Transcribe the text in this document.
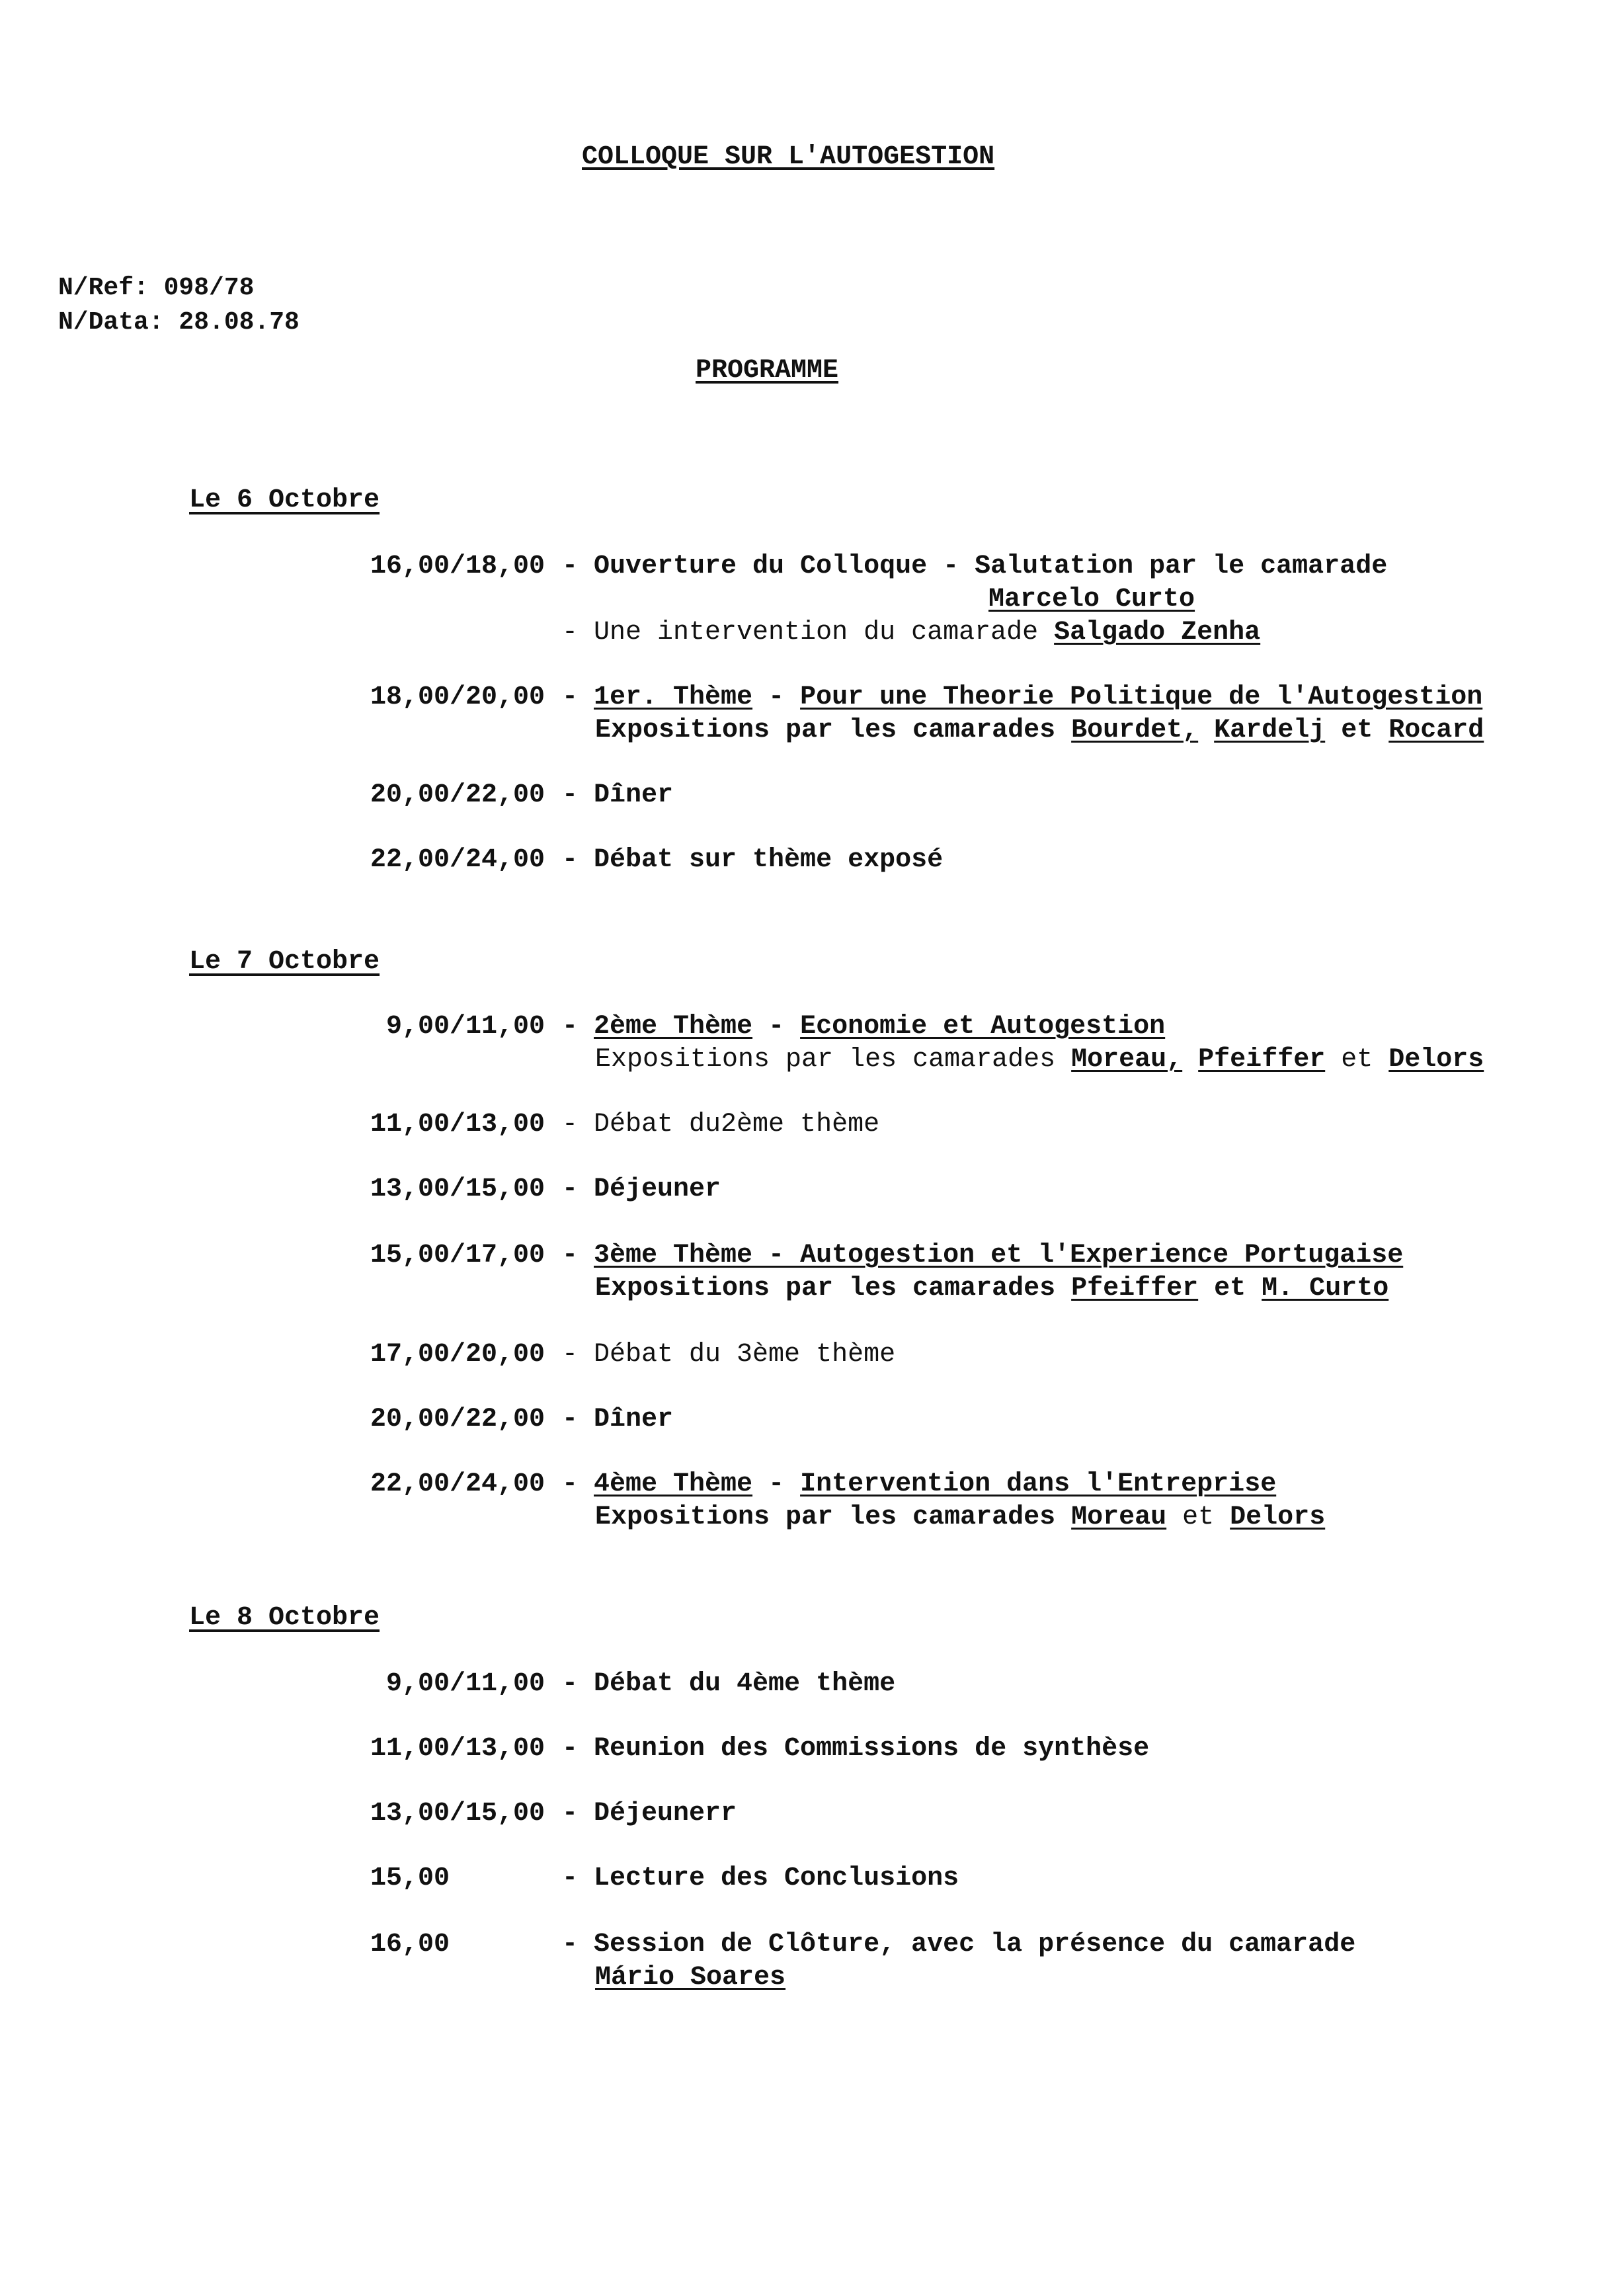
COLLOQUE SUR L'AUTOGESTION
N/Ref: 098/78
N/Data: 28.08.78
PROGRAMME
Le 6 Octobre
16,00/18,00 - Ouverture du Colloque - Salutation par le camarade
Marcelo Curto
- Une intervention du camarade Salgado Zenha
18,00/20,00 - 1er. Thème - Pour une Theorie Politique de l'Autogestion
Expositions par les camarades Bourdet, Kardelj et Rocard
20,00/22,00 - Dîner
22,00/24,00 - Débat sur thème exposé
Le 7 Octobre
9,00/11,00 - 2ème Thème - Economie et Autogestion
Expositions par les camarades Moreau, Pfeiffer et Delors
11,00/13,00 - Débat du2ème thème
13,00/15,00 - Déjeuner
15,00/17,00 - 3ème Thème - Autogestion et l'Experience Portugaise
Expositions par les camarades Pfeiffer et M. Curto
17,00/20,00 - Débat du 3ème thème
20,00/22,00 - Dîner
22,00/24,00 - 4ème Thème - Intervention dans l'Entreprise
Expositions par les camarades Moreau et Delors
Le 8 Octobre
9,00/11,00 - Débat du 4ème thème
11,00/13,00 - Reunion des Commissions de synthèse
13,00/15,00 - Déjeunerr
15,00	- Lecture des Conclusions
16,00	- Session de Clôture, avec la présence du camarade
Mário Soares
